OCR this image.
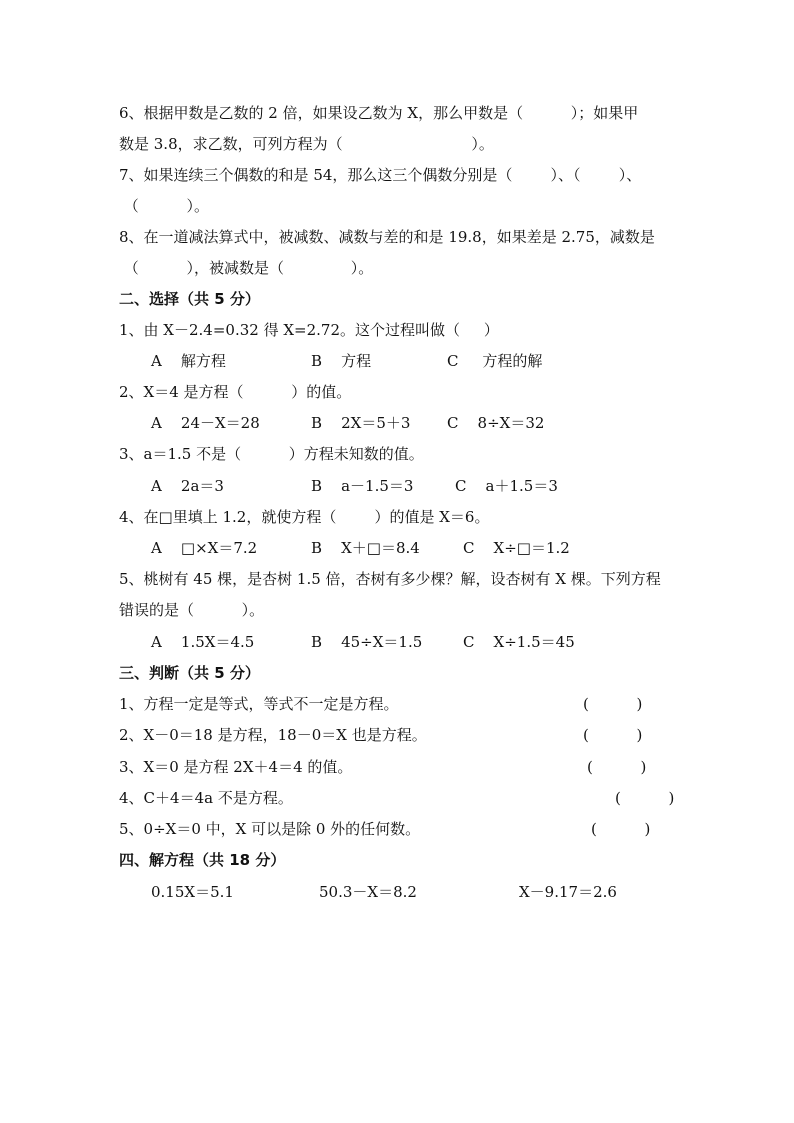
6、根据甲数是乙数的 2 倍，如果设乙数为 X，那么甲数是（          ）；如果甲
数是 3.8，求乙数，可列方程为（                           ）。
7、如果连续三个偶数的和是 54，那么这三个偶数分别是（        ）、（        ）、
（          ）。
8、在一道减法算式中，被减数、减数与差的和是 19.8，如果差是 2.75，减数是
（          ），被减数是（              ）。
二、选择（共 5 分）
1、由 X－2.4=0.32 得 X=2.72。这个过程叫做（     ）
A    解方程	B    方程	C     方程的解
2、X＝4 是方程（          ）的值。
A    24－X＝28	B    2X＝5＋3 C    8÷X＝32
3、a＝1.5 不是（          ）方程未知数的值。
A    2a＝3	B    a－1.5＝3	C    a＋1.5＝3
4、在□里填上 1.2，就使方程（        ）的值是 X＝6。
A    □×X＝7.2	B    X＋□＝8.4	C    X÷□＝1.2
5、桃树有 45 棵，是杏树 1.5 倍，杏树有多少棵？解，设杏树有 X 棵。下列方程
错误的是（          ）。
A    1.5X＝4.5	B    45÷X＝1.5	C    X÷1.5＝45
三、判断（共 5 分）
1、方程一定是等式，等式不一定是方程。	(          )
2、X－0＝18 是方程，18－0＝X 也是方程。	(          )
3、X＝0 是方程 2X＋4＝4 的值。	(          )
4、C＋4＝4a 不是方程。	(          )
5、0÷X＝0 中，X 可以是除 0 外的任何数。	(          )
四、解方程（共 18 分）
0.15X＝5.1	50.3－X＝8.2	X－9.17＝2.6
